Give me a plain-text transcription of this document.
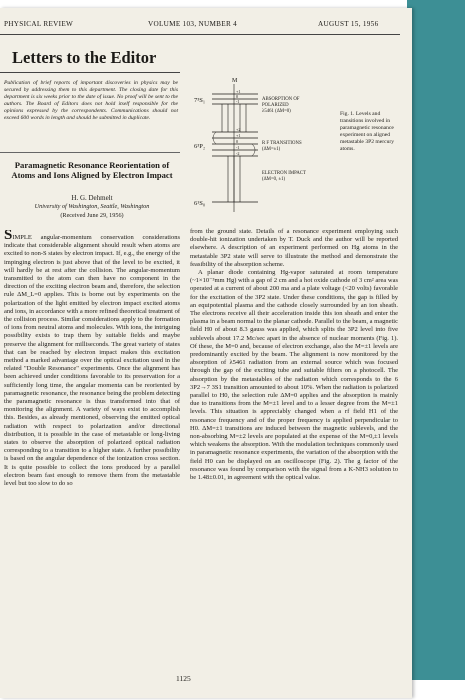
PHYSICAL REVIEW	VOLUME 103, NUMBER 4	AUGUST 15, 1956
Letters to the Editor

Publication of brief reports of important discoveries in physics may be secured by addressing them to this department. The closing date for this department is six weeks prior to the date of issue. No proof will be sent to the authors. The Board of Editors does not hold itself responsible for the opinions expressed by the correspondents. Communications should not exceed 600 words in length and should be submitted in duplicate.

Paramagnetic Resonance Reorientation of Atoms and Ions Aligned by Electron Impact
H. G. Dehmelt
University of Washington, Seattle, Washington
(Received June 29, 1956)

SIMPLE angular-momentum conservation considerations indicate that considerable alignment should result when atoms are excited to non-S states by electron impact. If, e.g., the energy of the impinging electron is just above that of the level to be excited, it will hardly be at rest after the collision. The angular-momentum transmitted to the atom can then have no component in the direction of the exciting electron beam and, therefore, the selection rule ΔM_L=0 applies. This is borne out by experiments on the polarization of the light emitted by electron impact excited atoms and ions, in accordance with a more refined theoretical treatment of the collision process. Similar considerations apply to the formation of ions from neutral atoms and molecules. With ions, the intriguing possibility exists to trap them by suitable fields and maybe preserve the alignment for milliseconds. The great variety of states that can be reached by electron impact makes this excitation method a marked advantage over the optical excitation used in the related "Double Resonance" experiments. Once the alignment has been achieved under conditions favorable to its preservation for a sufficiently long time, the angular momenta can be reoriented by paramagnetic resonance, the resonance being the problem detecting the paramagnetic resonance is thus transformed into that of monitoring the alignment. A variety of ways exist to accomplish this. Besides, as already mentioned, observing the emitted optical radiation with respect to polarization and/or directional distribution, it is possible in the case of metastable or long-living states to observe the absorption of polarized optical radiation corresponding to a transition to a higher state. A further possibility is based on the angular dependence of the ionization cross section. It is quite possible to collect the ions produced by a parallel electron beam fast enough to remove them from the metastable level but too slow to do so

from the ground state. Details of a resonance experiment employing such double-hit ionization undertaken by T. Duck and the author will be reported elsewhere. A description of an experiment performed on Hg atoms in the metastable 3P2 state will serve to illustrate the method and demonstrate the feasibility of the absorption scheme.

A planar diode containing Hg-vapor saturated at room temperature (~1×10⁻³mm Hg) with a gap of 2 cm and a hot oxide cathode of 3 cm² area was operated at a current of about 200 ma and a plate voltage (<20 volts) favorable for the excitation of the 3P2 state. Under these conditions, the gap is filled by an equipotential plasma and the cathode closely surrounded by an ion sheath. The electrons receive all their acceleration inside this ion sheath and enter the plasma in a beam normal to the planar cathode. Parallel to the beam, a magnetic field H0 of about 8.3 gauss was applied, which splits the 3P2 level into five sublevels about 17.2 Mc/sec apart in the absence of nuclear moments (Fig. 1). Of these, the M=0 and, because of electron exchange, also the M=±1 levels are predominantly excited by the beam. The alignment is now monitored by the absorption of λ5461 radiation from an external source which was focused through the gap of the exciting tube and suitable filters on a photocell. The absorption by the metastables of the radiation which corresponds to the 6 3P2→7 3S1 transition amounted to about 10%. When the radiation is polarized parallel to H0, the selection rule ΔM=0 applies and the absorption is mainly due to transitions from the M=±1 level and to a lesser degree from the M=±1 levels. This situation is appreciably changed when a rf field H1 of the resonance frequency and of the proper frequency is applied perpendicular to H0. ΔM=±1 transitions are induced between the magnetic sublevels, and the non-absorbing M=±2 levels are populated at the expense of the M=0,±1 levels which weakens the absorption. With the modulation techniques commonly used in paramagnetic resonance experiments, the variation of the absorption with the field H0 can be displayed on an oscilloscope (Fig. 2). The g factor of the resonance was found by comparison with the signal from a K-NH3 solution to be 1.48±0.01, in agreement with the optical value.

M
7³S₁
+1
0
-1	ABSORPTION OF
POLARIZED
λ5461 (ΔM=0)
6³P₂
+2
+1
0
-1
-2
R F TRANSITIONS
(ΔM=±1)
ELECTRON IMPACT
(ΔM=0, ±1)
6¹S₀

Fig. 1. Levels and transitions involved in paramagnetic resonance experiment on aligned metastable 3P2 mercury atoms.

1125
